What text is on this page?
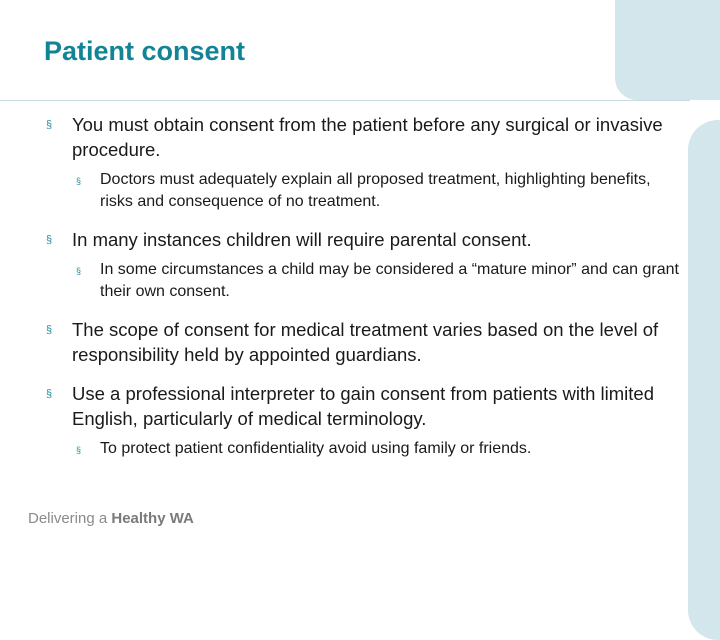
Patient consent
§ You must obtain consent from the patient before any surgical or invasive procedure.
§ Doctors must adequately explain all proposed treatment, highlighting benefits, risks and consequence of no treatment.
§ In many instances children will require parental consent.
§ In some circumstances a child may be considered a “mature minor” and can grant their own consent.
§ The scope of consent for medical treatment varies based on the level of responsibility held by appointed guardians.
§ Use a professional interpreter to gain consent from patients with limited English, particularly of medical terminology.
§ To protect patient confidentiality avoid using family or friends.
Delivering a Healthy WA
